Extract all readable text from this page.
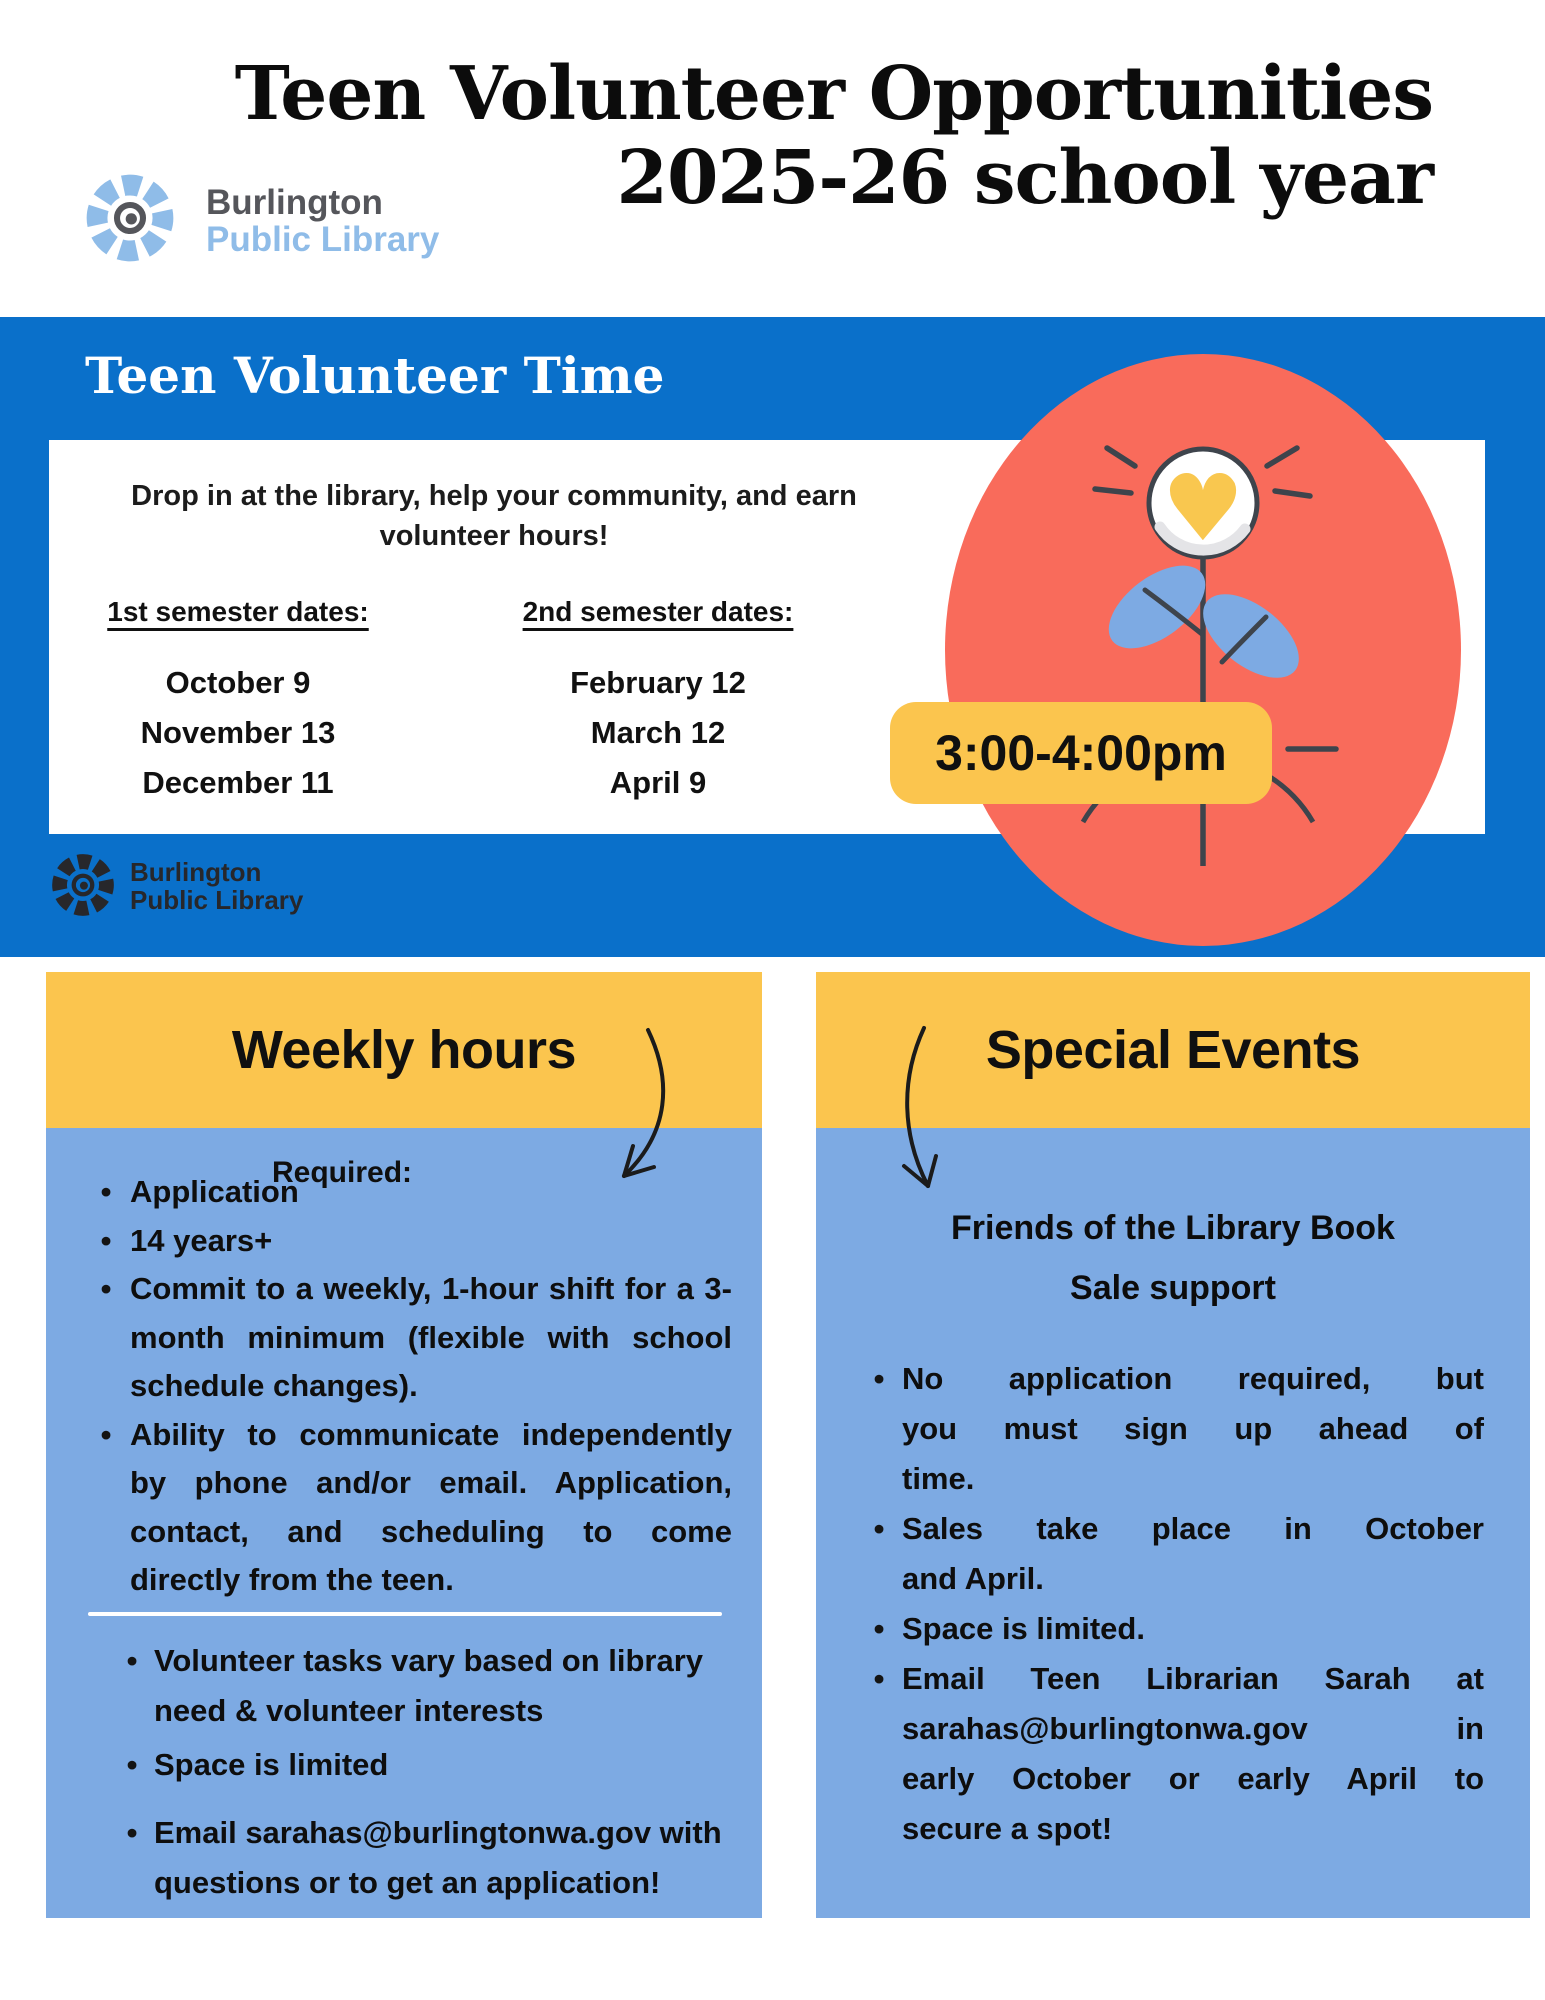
Teen Volunteer Opportunities
2025-26 school year
Burlington
Public Library
Teen Volunteer Time
Drop in at the library, help your community, and earn
volunteer hours!
1st semester dates:
October 9
November 13
December 11
2nd semester dates:
February 12
March 12
April 9
♥
3:00-4:00pm
Burlington
Public Library
Weekly hours
Required:
• Application
• 14 years+
• Commit to a weekly, 1-hour shift for a 3-
month minimum (flexible with school
schedule changes).
• Ability to communicate independently
by phone and/or email. Application,
contact, and scheduling to come
directly from the teen.
• Volunteer tasks vary based on library
need & volunteer interests
• Space is limited
• Email sarahas@burlingtonwa.gov with
questions or to get an application!
Special Events
Friends of the Library Book
Sale support
• No application required, but
you must sign up ahead of
time.
• Sales take place in October
and April.
• Space is limited.
• Email Teen Librarian Sarah at
sarahas@burlingtonwa.gov in
early October or early April to
secure a spot!
